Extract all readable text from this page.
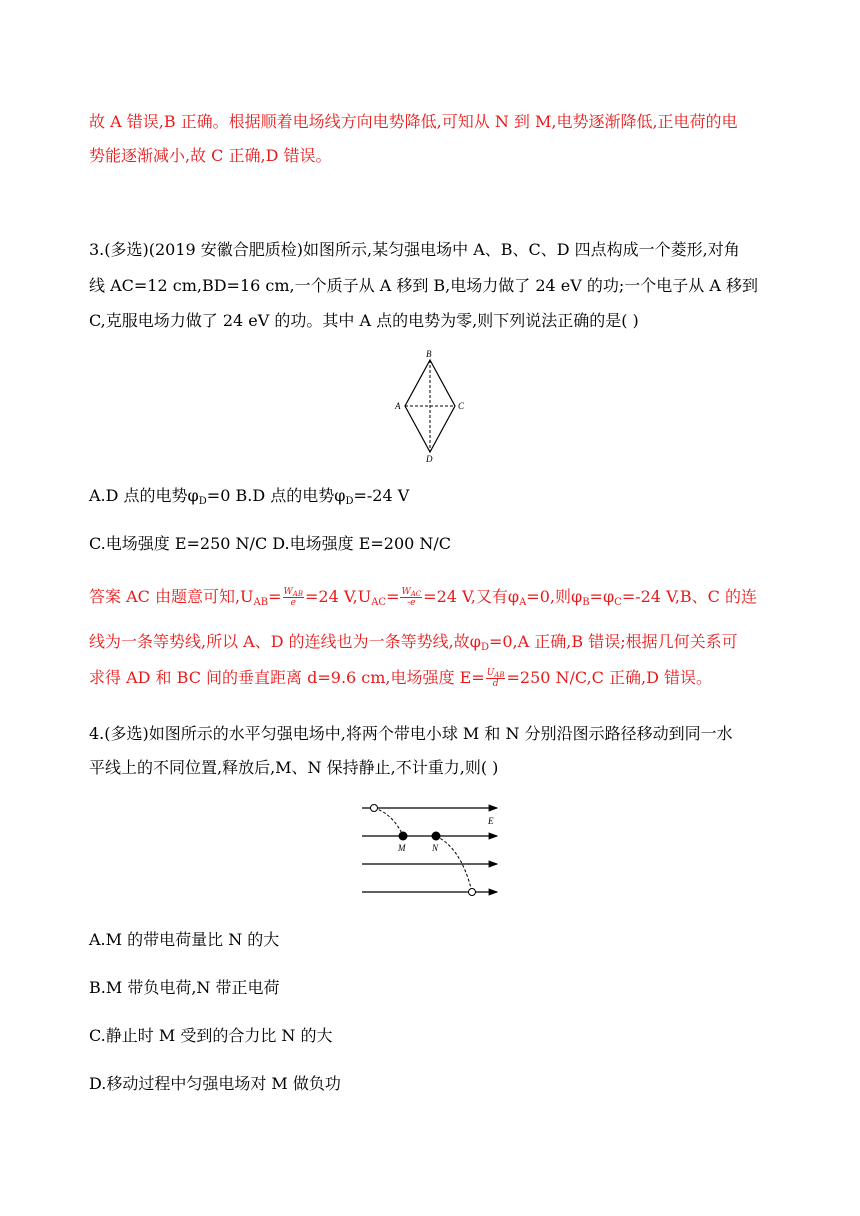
故 A 错误,B 正确。根据顺着电场线方向电势降低,可知从 N 到 M,电势逐渐降低,正电荷的电
势能逐渐减小,故 C 正确,D 错误。
3.(多选)(2019 安徽合肥质检)如图所示,某匀强电场中 A、B、C、D 四点构成一个菱形,对角
线 AC=12 cm,BD=16 cm,一个质子从 A 移到 B,电场力做了 24 eV 的功;一个电子从 A 移到
C,克服电场力做了 24 eV 的功。其中 A 点的电势为零,则下列说法正确的是( )
B
A	C
D
A.D 点的电势$\varphi_D=0$ B.D 点的电势$\varphi_D=-24$ V
C.电场强度 E=250 N/C D.电场强度 E=200 N/C
答案 AC 由题意可知$,U_{AB}= \frac{W_{AB}}{e} =24$ $V,U_{AC}= \frac{W_{AC}}{-e} =24$ V,又有$\varphi_A=0$,则$\varphi_B=\varphi_C=-24$ V,B、C 的连
线为一条等势线,所以 A、D 的连线也为一条等势线,故$\varphi_D=0,A$ 正确,B 错误;根据几何关系可
求得 AD 和 BC 间的垂直距离 d=9.6 cm,电场强度 $E= \frac{U_{AB}}{d} =250$ N/C,C 正确,D 错误。
4.(多选)如图所示的水平匀强电场中,将两个带电小球 M 和 N 分别沿图示路径移动到同一水
平线上的不同位置,释放后,M、N 保持静止,不计重力,则( )
E
M	N
A.M 的带电荷量比 N 的大
B.M 带负电荷,N 带正电荷
C.静止时 M 受到的合力比 N 的大
D.移动过程中匀强电场对 M 做负功
